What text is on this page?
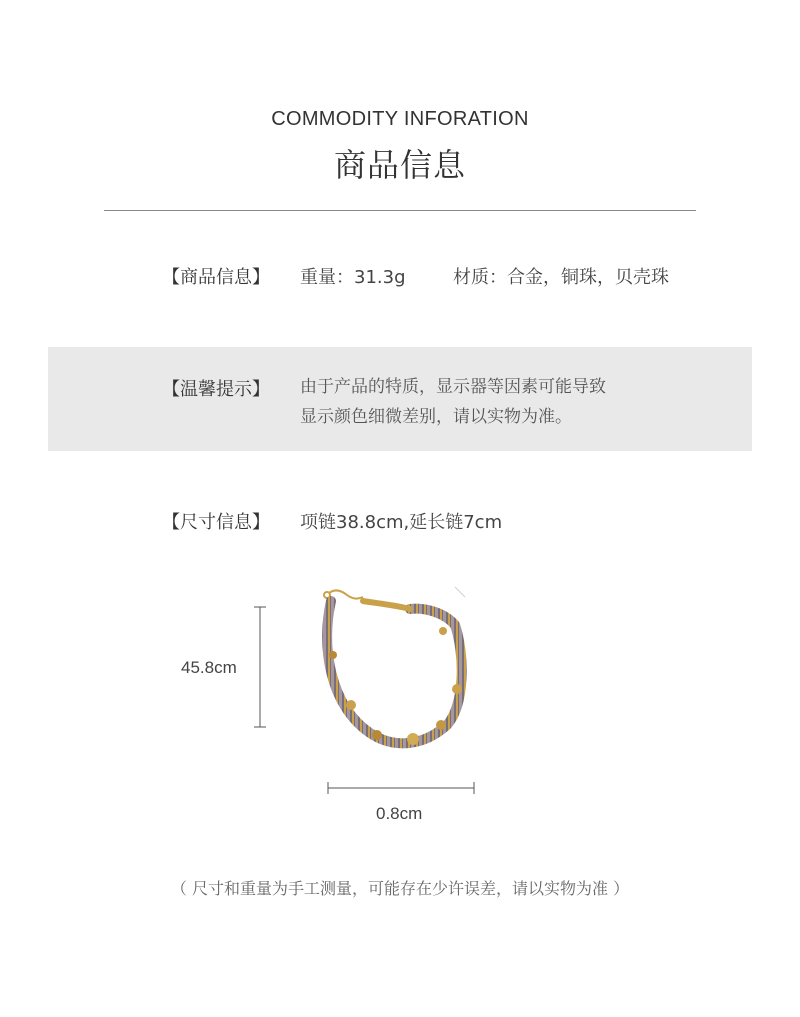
COMMODITY INFORATION
商品信息
【商品信息】 重量：31.3g	材质：合金，铜珠，贝壳珠
【温馨提示】 由于产品的特质，显示器等因素可能导致
显示颜色细微差别，请以实物为准。
【尺寸信息】 项链38.8cm,延长链7cm
45.8cm
0.8cm
（ 尺寸和重量为手工测量，可能存在少许误差，请以实物为准 ）
